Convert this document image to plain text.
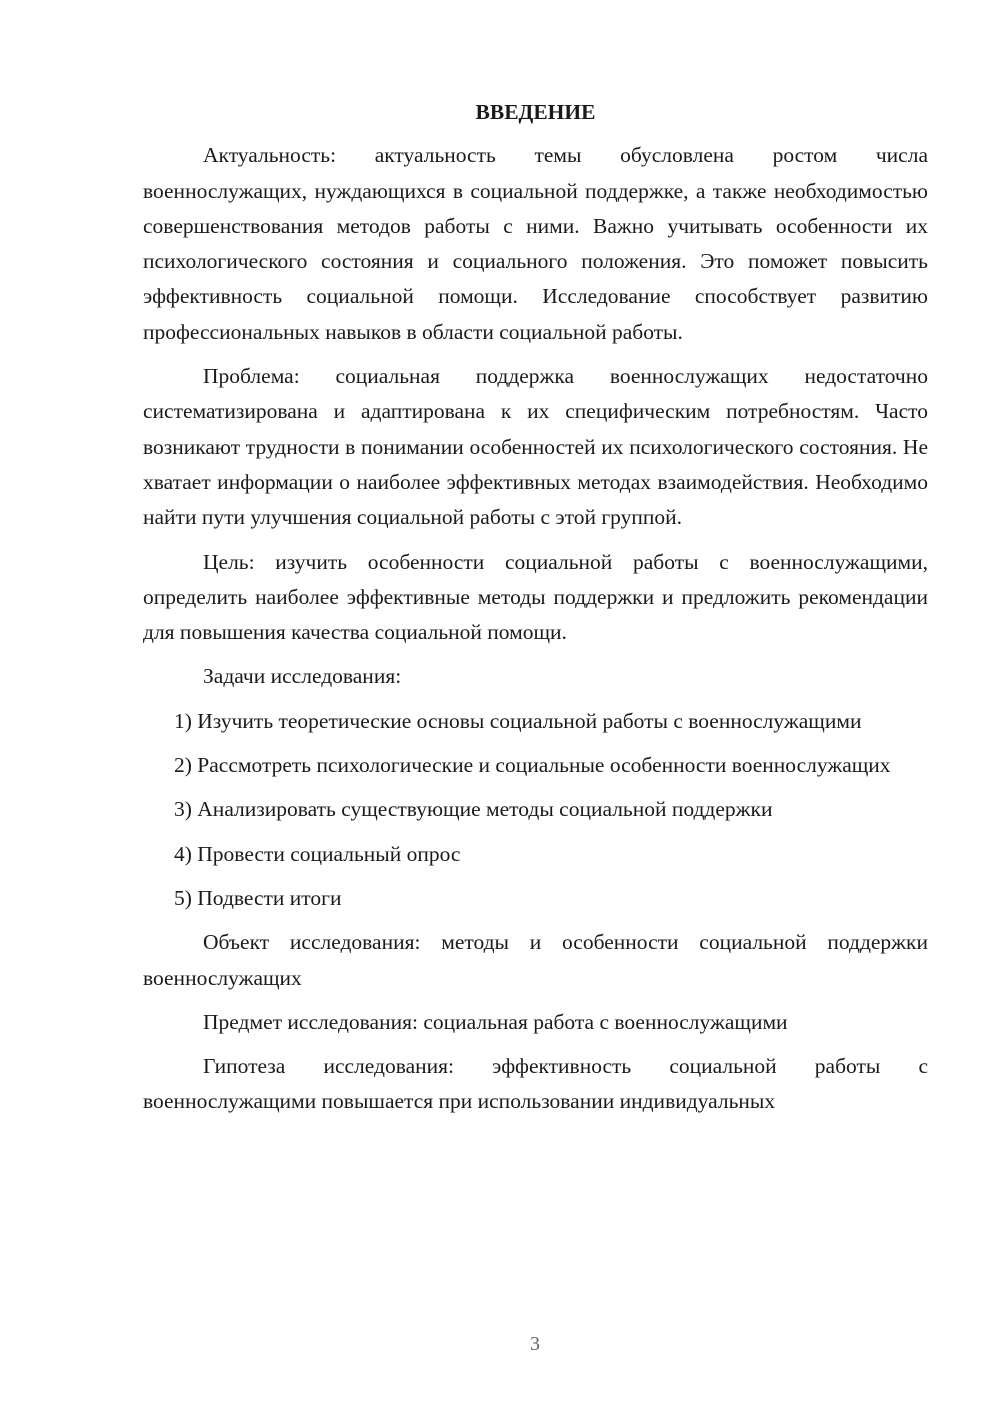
ВВЕДЕНИЕ

Актуальность: актуальность темы обусловлена ростом числа военнослужащих, нуждающихся в социальной поддержке, а также необходимостью совершенствования методов работы с ними. Важно учитывать особенности их психологического состояния и социального положения. Это поможет повысить эффективность социальной помощи. Исследование способствует развитию профессиональных навыков в области социальной работы.

Проблема: социальная поддержка военнослужащих недостаточно систематизирована и адаптирована к их специфическим потребностям. Часто возникают трудности в понимании особенностей их психологического состояния. Не хватает информации о наиболее эффективных методах взаимодействия. Необходимо найти пути улучшения социальной работы с этой группой.

Цель: изучить особенности социальной работы с военнослужащими, определить наиболее эффективные методы поддержки и предложить рекомендации для повышения качества социальной помощи.

Задачи исследования:

1) Изучить теоретические основы социальной работы с военнослужащими

2) Рассмотреть психологические и социальные особенности военнослужащих

3) Анализировать существующие методы социальной поддержки

4) Провести социальный опрос

5) Подвести итоги

Объект исследования: методы и особенности социальной поддержки военнослужащих

Предмет исследования: социальная работа с военнослужащими

Гипотеза исследования: эффективность социальной работы с военнослужащими повышается при использовании индивидуальных

3
